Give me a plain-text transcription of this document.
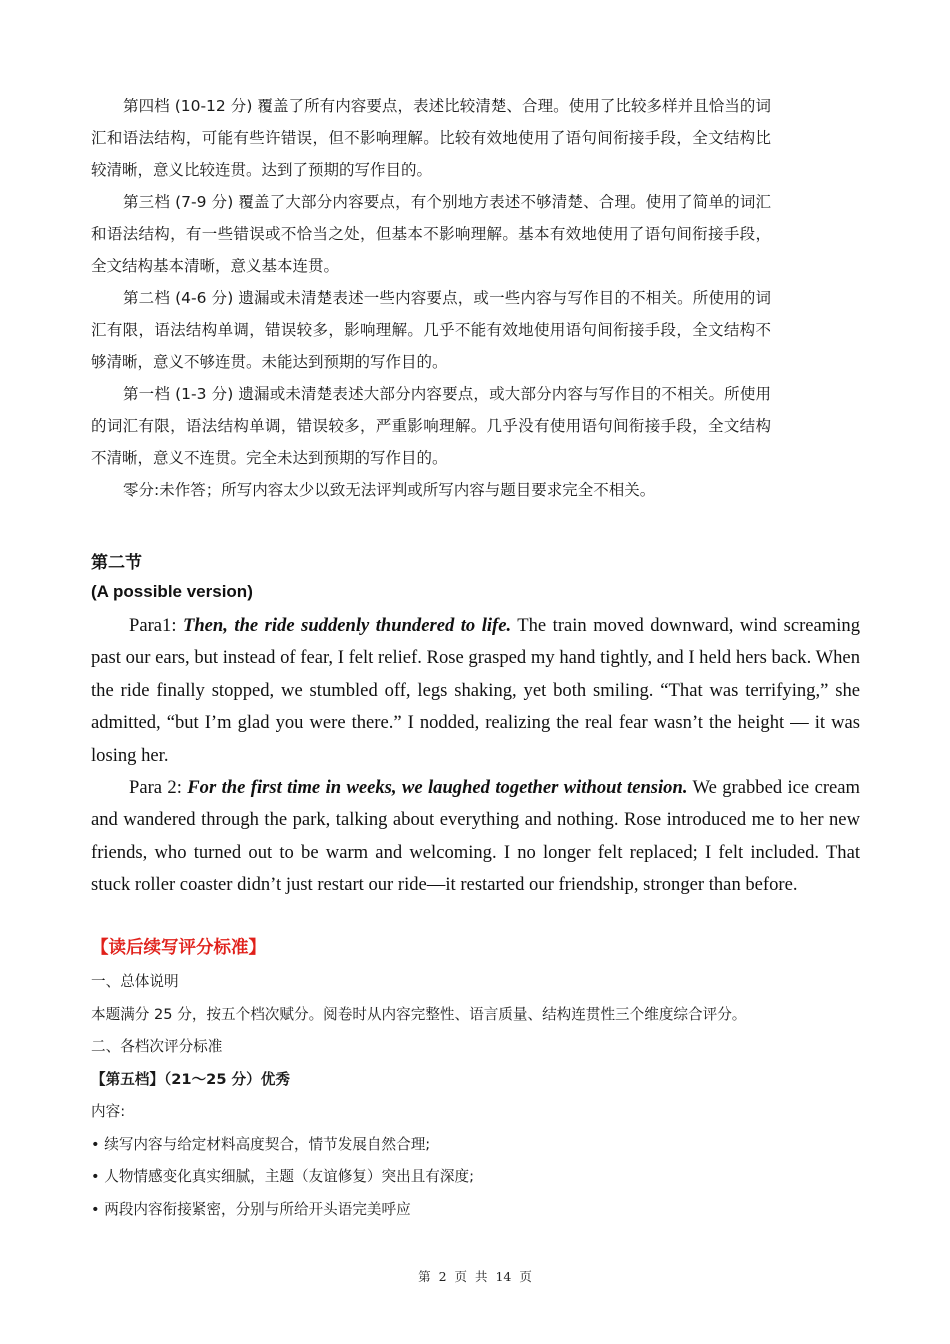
第四档 (10-12 分) 覆盖了所有内容要点，表述比较清楚、合理。使用了比较多样并且恰当的词汇和语法结构，可能有些许错误，但不影响理解。比较有效地使用了语句间衔接手段，全文结构比较清晰，意义比较连贯。达到了预期的写作目的。

第三档 (7-9 分) 覆盖了大部分内容要点，有个别地方表述不够清楚、合理。使用了简单的词汇和语法结构，有一些错误或不恰当之处，但基本不影响理解。基本有效地使用了语句间衔接手段，全文结构基本清晰，意义基本连贯。

第二档 (4-6 分) 遗漏或未清楚表述一些内容要点，或一些内容与写作目的不相关。所使用的词汇有限，语法结构单调，错误较多，影响理解。几乎不能有效地使用语句间衔接手段，全文结构不够清晰，意义不够连贯。未能达到预期的写作目的。

第一档 (1-3 分) 遗漏或未清楚表述大部分内容要点，或大部分内容与写作目的不相关。所使用的词汇有限，语法结构单调，错误较多，严重影响理解。几乎没有使用语句间衔接手段，全文结构不清晰，意义不连贯。完全未达到预期的写作目的。

零分:未作答；所写内容太少以致无法评判或所写内容与题目要求完全不相关。

第二节
(A possible version)

Para1: Then, the ride suddenly thundered to life. The train moved downward, wind screaming past our ears, but instead of fear, I felt relief. Rose grasped my hand tightly, and I held hers back. When the ride finally stopped, we stumbled off, legs shaking, yet both smiling. “That was terrifying,” she admitted, “but I’m glad you were there.” I nodded, realizing the real fear wasn’t the height — it was losing her.

Para 2: For the first time in weeks, we laughed together without tension. We grabbed ice cream and wandered through the park, talking about everything and nothing. Rose introduced me to her new friends, who turned out to be warm and welcoming. I no longer felt replaced; I felt included. That stuck roller coaster didn’t just restart our ride—it restarted our friendship, stronger than before.

【读后续写评分标准】
一、总体说明
本题满分 25 分，按五个档次赋分。阅卷时从内容完整性、语言质量、结构连贯性三个维度综合评分。
二、各档次评分标准
【第五档】（21～25 分）优秀
内容:
• 续写内容与给定材料高度契合，情节发展自然合理;
• 人物情感变化真实细腻，主题（友谊修复）突出且有深度;
• 两段内容衔接紧密，分别与所给开头语完美呼应
第 2 页 共 14 页
